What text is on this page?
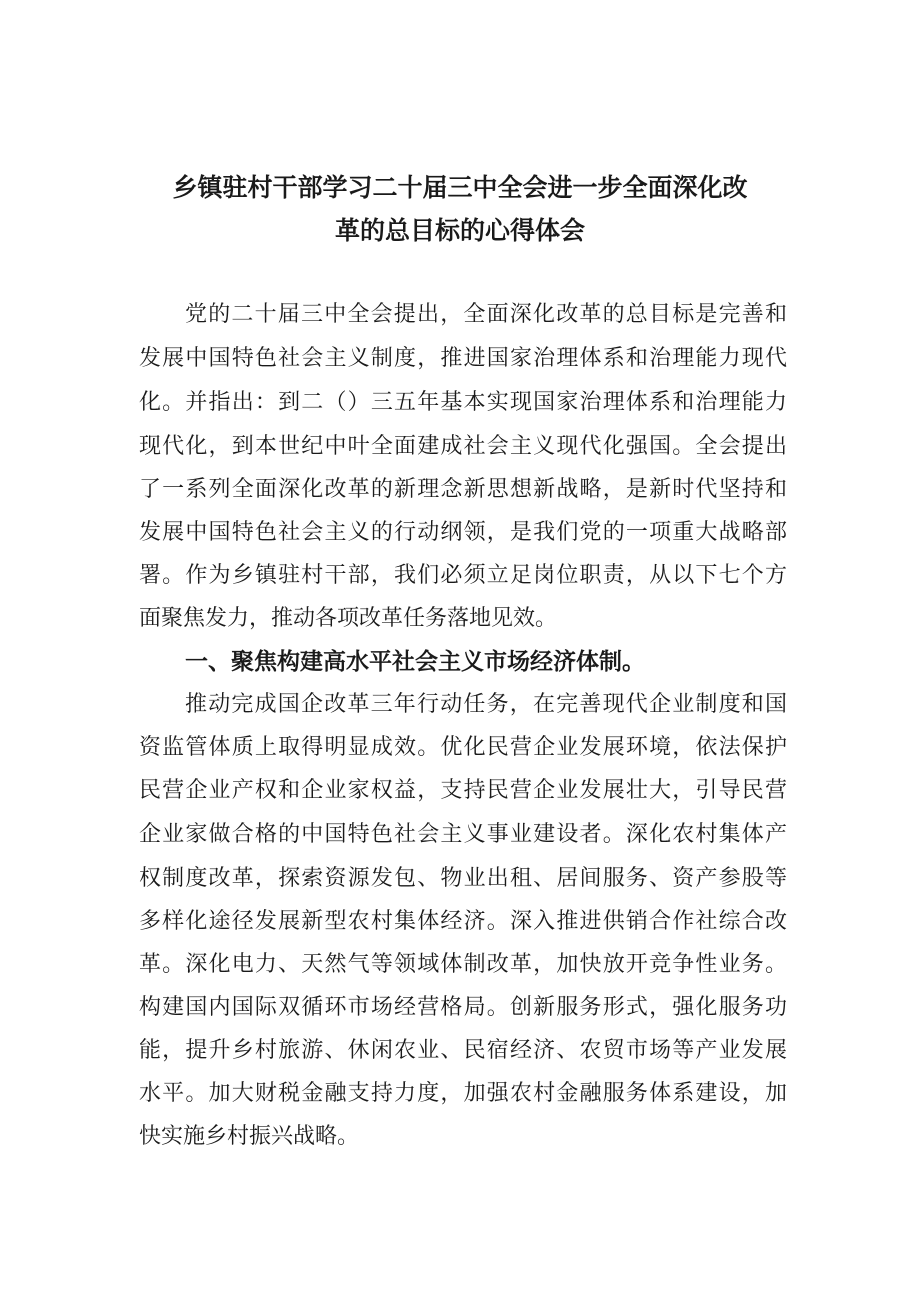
乡镇驻村干部学习二十届三中全会进一步全面深化改
革的总目标的心得体会

党的二十届三中全会提出，全面深化改革的总目标是完善和

发展中国特色社会主义制度，推进国家治理体系和治理能力现代

化。并指出：到二（）三五年基本实现国家治理体系和治理能力

现代化，到本世纪中叶全面建成社会主义现代化强国。全会提出

了一系列全面深化改革的新理念新思想新战略，是新时代坚持和

发展中国特色社会主义的行动纲领，是我们党的一项重大战略部

署。作为乡镇驻村干部，我们必须立足岗位职责，从以下七个方

面聚焦发力，推动各项改革任务落地见效。

一、聚焦构建高水平社会主义市场经济体制。

推动完成国企改革三年行动任务，在完善现代企业制度和国

资监管体质上取得明显成效。优化民营企业发展环境，依法保护

民营企业产权和企业家权益，支持民营企业发展壮大，引导民营

企业家做合格的中国特色社会主义事业建设者。深化农村集体产

权制度改革，探索资源发包、物业出租、居间服务、资产参股等

多样化途径发展新型农村集体经济。深入推进供销合作社综合改

革。深化电力、天然气等领域体制改革，加快放开竞争性业务。

构建国内国际双循环市场经营格局。创新服务形式，强化服务功

能，提升乡村旅游、休闲农业、民宿经济、农贸市场等产业发展

水平。加大财税金融支持力度，加强农村金融服务体系建设，加

快实施乡村振兴战略。
